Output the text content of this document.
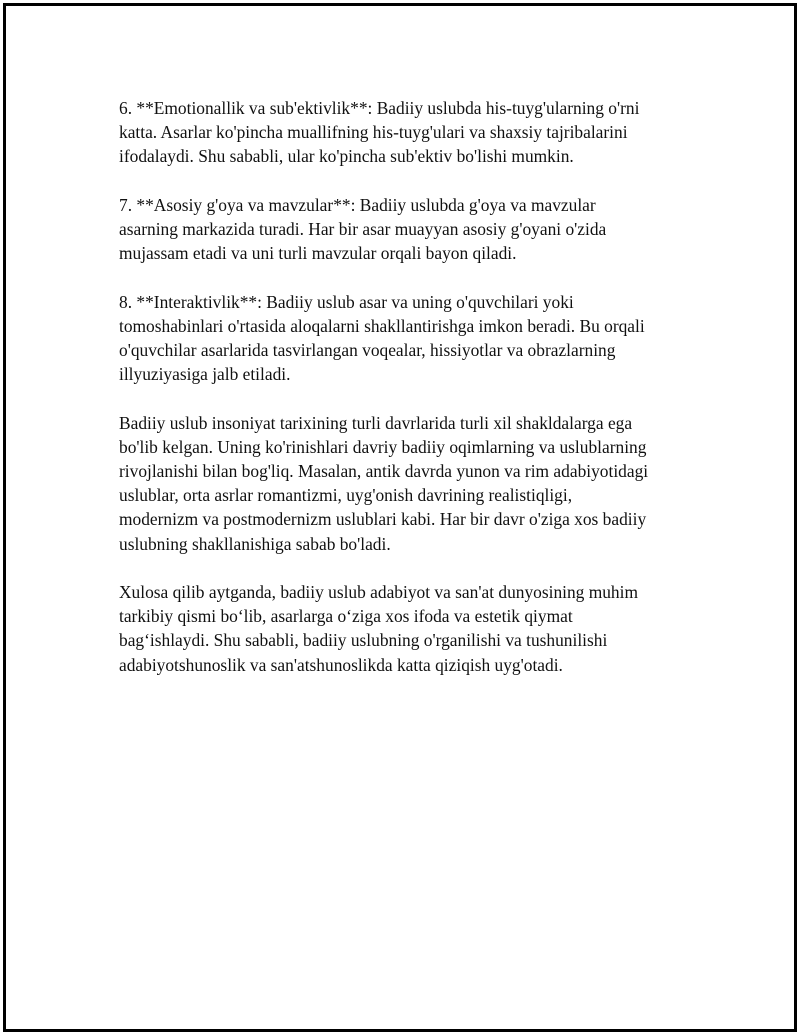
6. **Emotionallik va sub'ektivlik**: Badiiy uslubda his-tuyg'ularning o'rni
katta. Asarlar ko'pincha muallifning his-tuyg'ulari va shaxsiy tajribalarini
ifodalaydi. Shu sababli, ular ko'pincha sub'ektiv bo'lishi mumkin.

7. **Asosiy g'oya va mavzular**: Badiiy uslubda g'oya va mavzular
asarning markazida turadi. Har bir asar muayyan asosiy g'oyani o'zida
mujassam etadi va uni turli mavzular orqali bayon qiladi.

8. **Interaktivlik**: Badiiy uslub asar va uning o'quvchilari yoki
tomoshabinlari o'rtasida aloqalarni shakllantirishga imkon beradi. Bu orqali
o'quvchilar asarlarida tasvirlangan voqealar, hissiyotlar va obrazlarning
illyuziyasiga jalb etiladi.

Badiiy uslub insoniyat tarixining turli davrlarida turli xil shakldalarga ega
bo'lib kelgan. Uning ko'rinishlari davriy badiiy oqimlarning va uslublarning
rivojlanishi bilan bog'liq. Masalan, antik davrda yunon va rim adabiyotidagi
uslublar, orta asrlar romantizmi, uyg'onish davrining realistiqligi,
modernizm va postmodernizm uslublari kabi. Har bir davr o'ziga xos badiiy
uslubning shakllanishiga sabab bo'ladi.

Xulosa qilib aytganda, badiiy uslub adabiyot va san'at dunyosining muhim
tarkibiy qismi bo‘lib, asarlarga o‘ziga xos ifoda va estetik qiymat
bag‘ishlaydi. Shu sababli, badiiy uslubning o'rganilishi va tushunilishi
adabiyotshunoslik va san'atshunoslikda katta qiziqish uyg'otadi.
